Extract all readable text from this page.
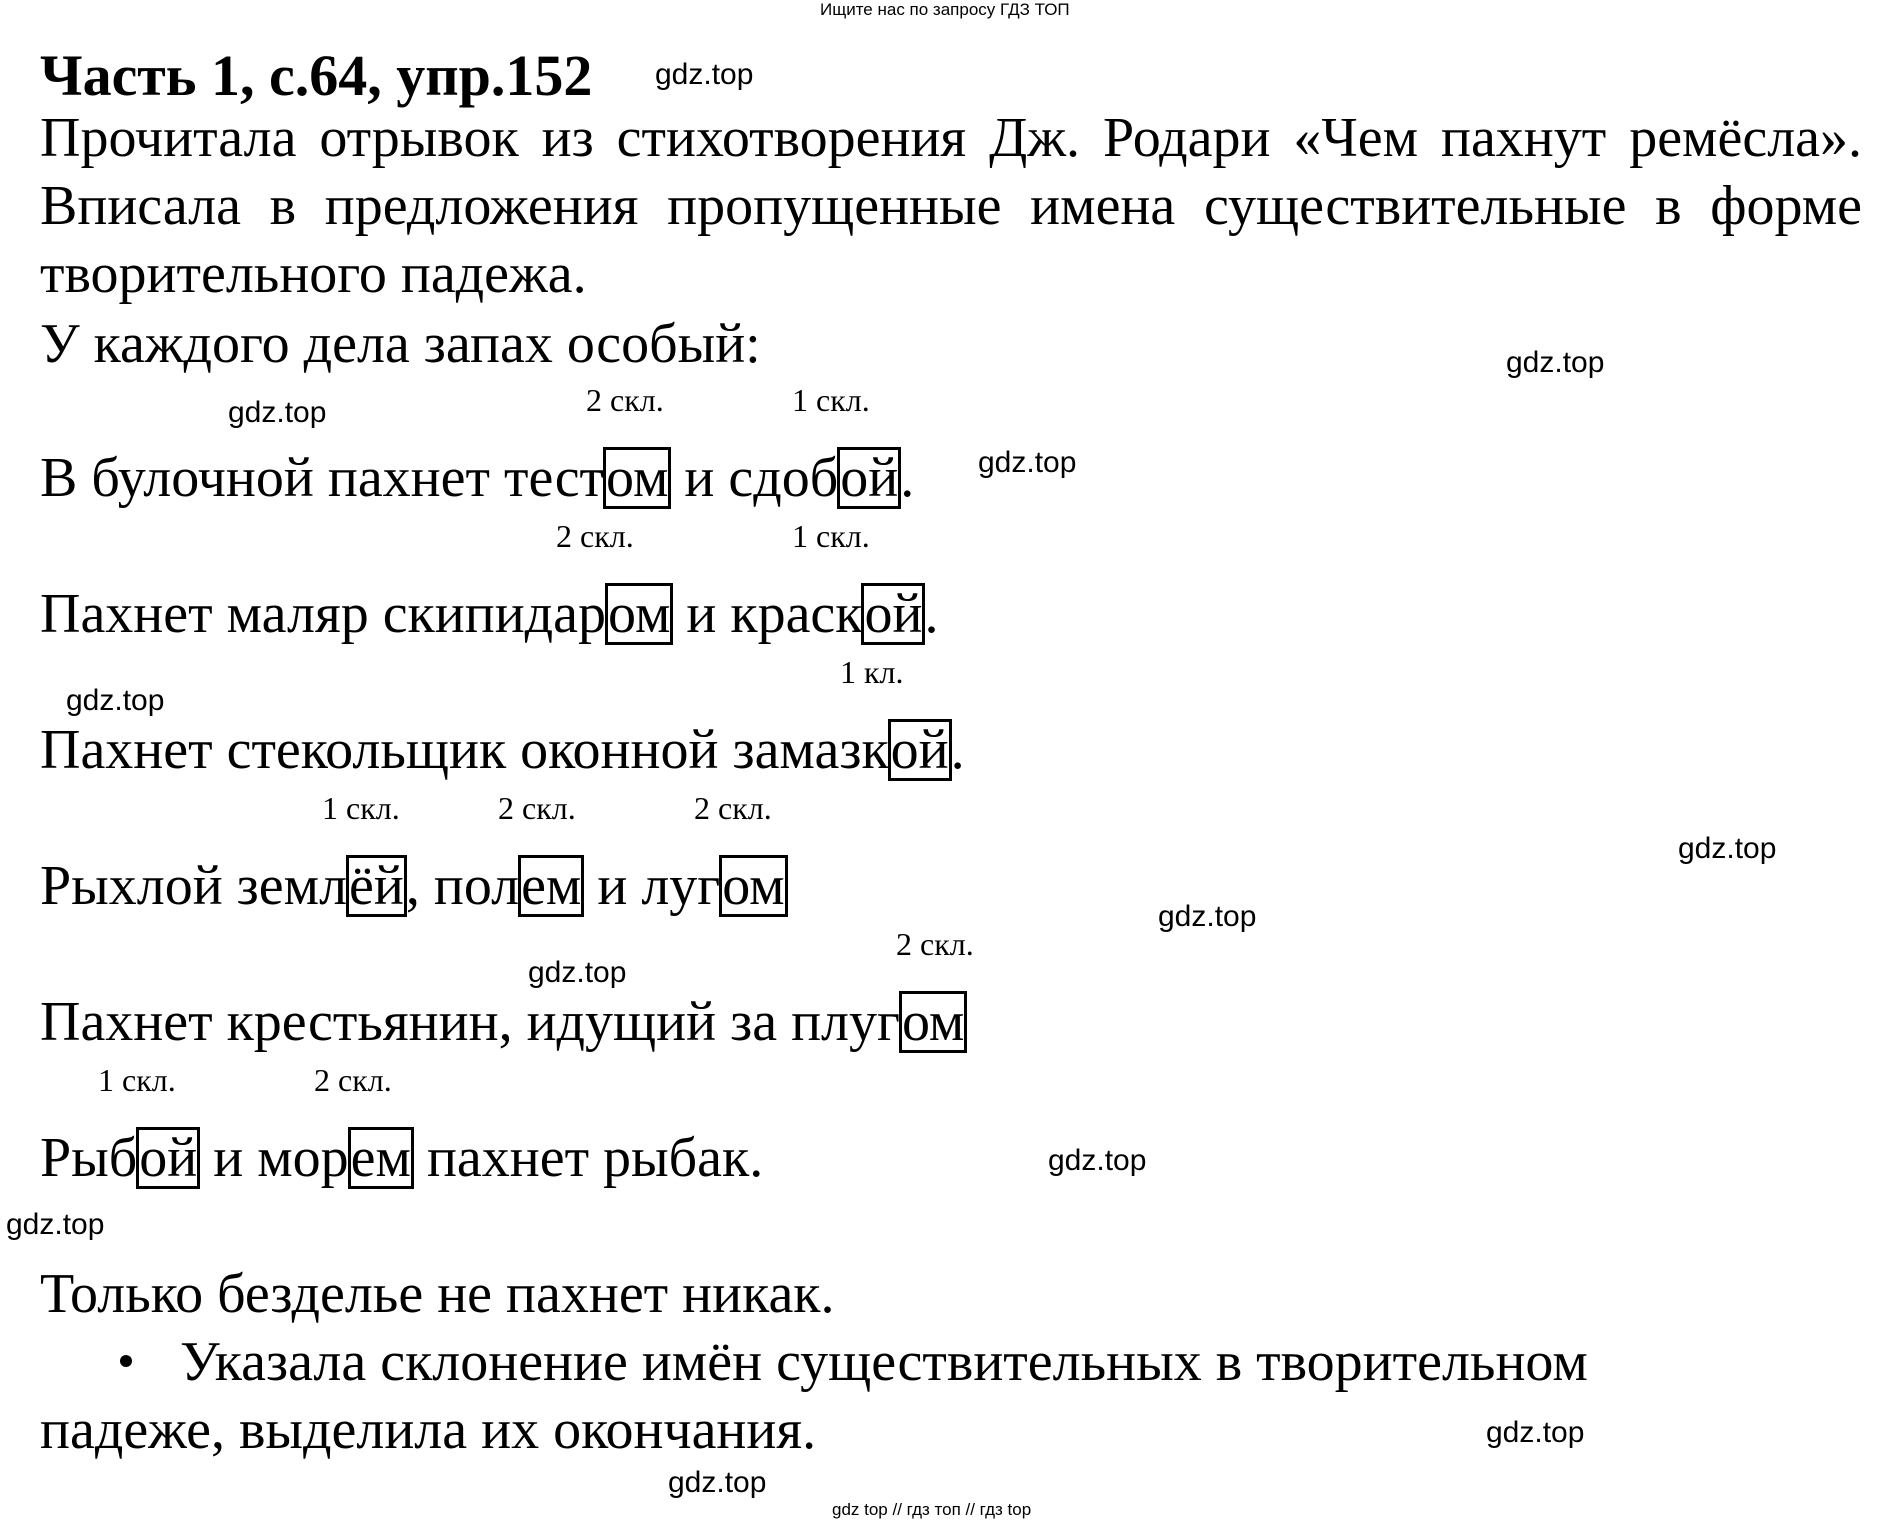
Ищите нас по запросу ГДЗ ТОП
Часть 1, с.64, упр.152 gdz.top
Прочитала отрывок из стихотворения Дж. Родари «Чем пахнут ремёсла». Вписала в предложения пропущенные имена существительные в форме творительного падежа.
У каждого дела запах особый:	gdz.top
2 скл.	1 скл.
gdz.top
В булочной пахнет тестом и сдобой. gdz.top
2 скл.	1 скл.
Пахнет маляр скипидаром и краской.
1 кл.
gdz.top
Пахнет стекольщик оконной замазкой.
1 скл.	2 скл.	2 скл.
gdz.top
Рыхлой землёй, полем и лугом	gdz.top
2 скл.
gdz.top
Пахнет крестьянин, идущий за плугом
1 скл.	2 скл.
Рыбой и морем пахнет рыбак.	gdz.top
gdz.top
Только безделье не пахнет никак.
Указала склонение имён существительных в творительном
падеже, выделила их окончания.	gdz.top
gdz.top
gdz top // гдз топ // гдз top
